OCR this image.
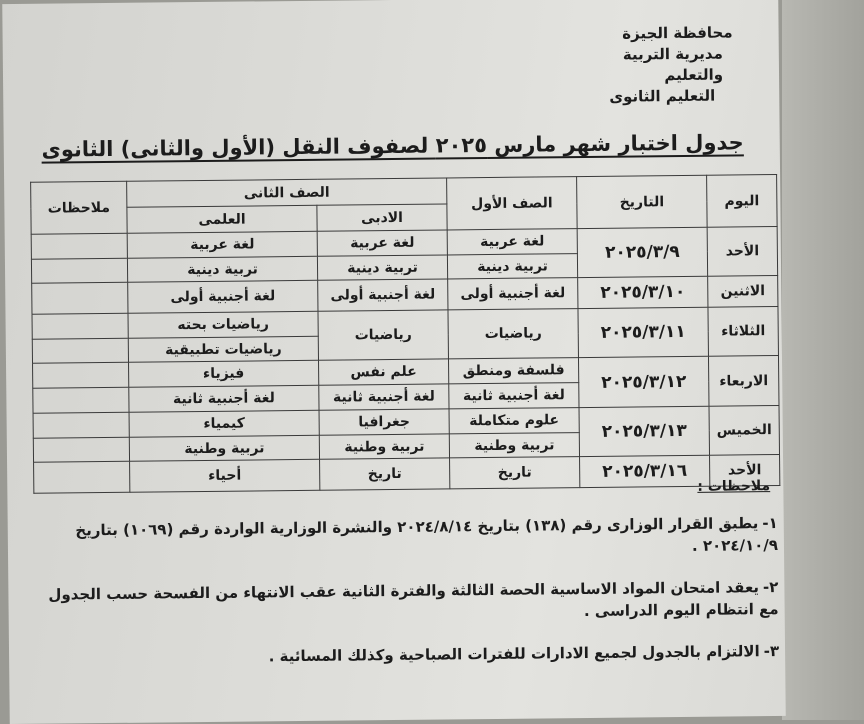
محافظة الجيزة
مديرية التربية والتعليم
التعليم الثانوى
جدول اختبار شهر مارس ٢٠٢٥ لصفوف النقل (الأول والثانى) الثانوى
اليوم	التاريخ	الصف الأول	الصف الثانى		ملاحظات
			الادبى	العلمى	
الأحد	٢٠٢٥/٣/٩	لغة عربية	لغة عربية	لغة عربية	
		تربية دينية	تربية دينية	تربية دينية	
الاثنين	٢٠٢٥/٣/١٠	لغة أجنبية أولى	لغة أجنبية أولى	لغة أجنبية أولى	
الثلاثاء	٢٠٢٥/٣/١١	رياضيات	رياضيات	رياضيات بحته	
				رياضيات تطبيقية	
الاربعاء	٢٠٢٥/٣/١٢	فلسفة ومنطق	علم نفس	فيزياء	
		لغة أجنبية ثانية	لغة أجنبية ثانية	لغة أجنبية ثانية	
الخميس	٢٠٢٥/٣/١٣	علوم متكاملة	جغرافيا	كيمياء	
		تربية وطنية	تربية وطنية	تربية وطنية	
الأحد	٢٠٢٥/٣/١٦	تاريخ	تاريخ	أحياء	
ملاحظات :
١-يطبق القرار الوزارى رقم (١٣٨) بتاريخ ٢٠٢٤/٨/١٤ والنشرة الوزارية الواردة رقم (١٠٦٩) بتاريخ ٢٠٢٤/١٠/٩ .
٢-يعقد امتحان المواد الاساسية الحصة الثالثة والفترة الثانية عقب الانتهاء من الفسحة حسب الجدول مع انتظام اليوم الدراسى .
٣-الالتزام بالجدول لجميع الادارات للفترات الصباحية وكذلك المسائية .
